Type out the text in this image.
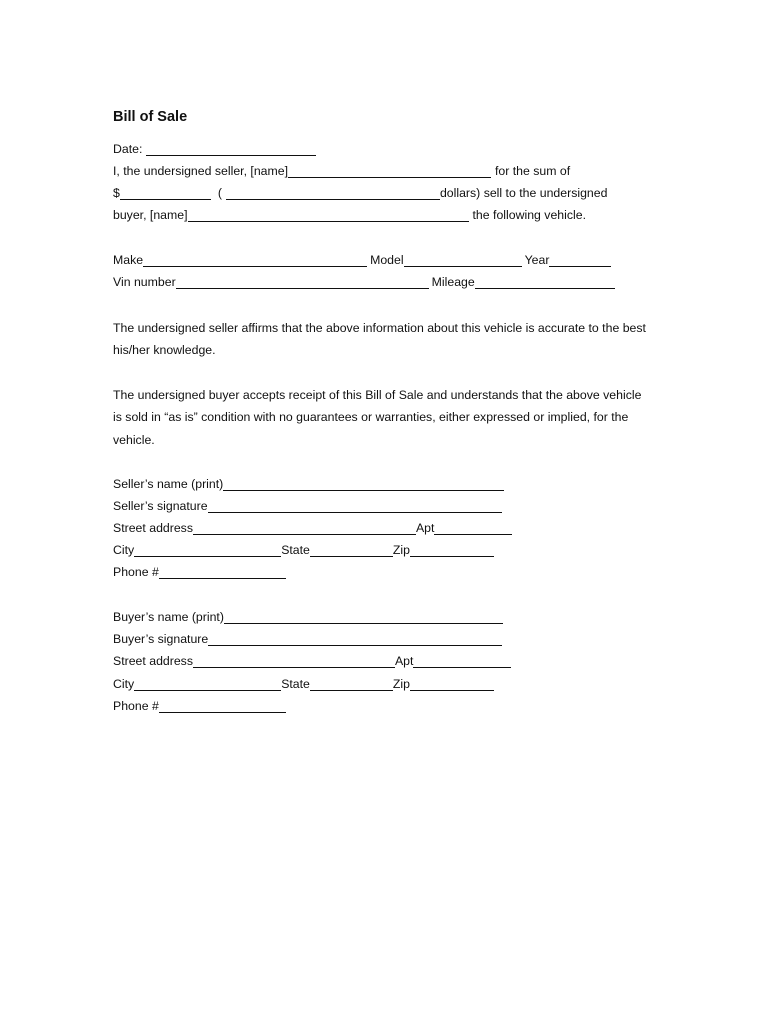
Bill of Sale
Date:
I, the undersigned seller, [name]	for the sum of
$	(	dollars) sell to the undersigned
buyer, [name]	the following vehicle.
Make	Model	Year
Vin number	Mileage
The undersigned seller affirms that the above information about this vehicle is accurate to the best his/her knowledge.
The undersigned buyer accepts receipt of this Bill of Sale and understands that the above vehicle is sold in “as is” condition with no guarantees or warranties, either expressed or implied, for the vehicle.
Seller’s name (print)
Seller’s signature
Street address	Apt
City	State	Zip
Phone #
Buyer’s name (print)
Buyer’s signature
Street address	Apt
City	State	Zip
Phone #
